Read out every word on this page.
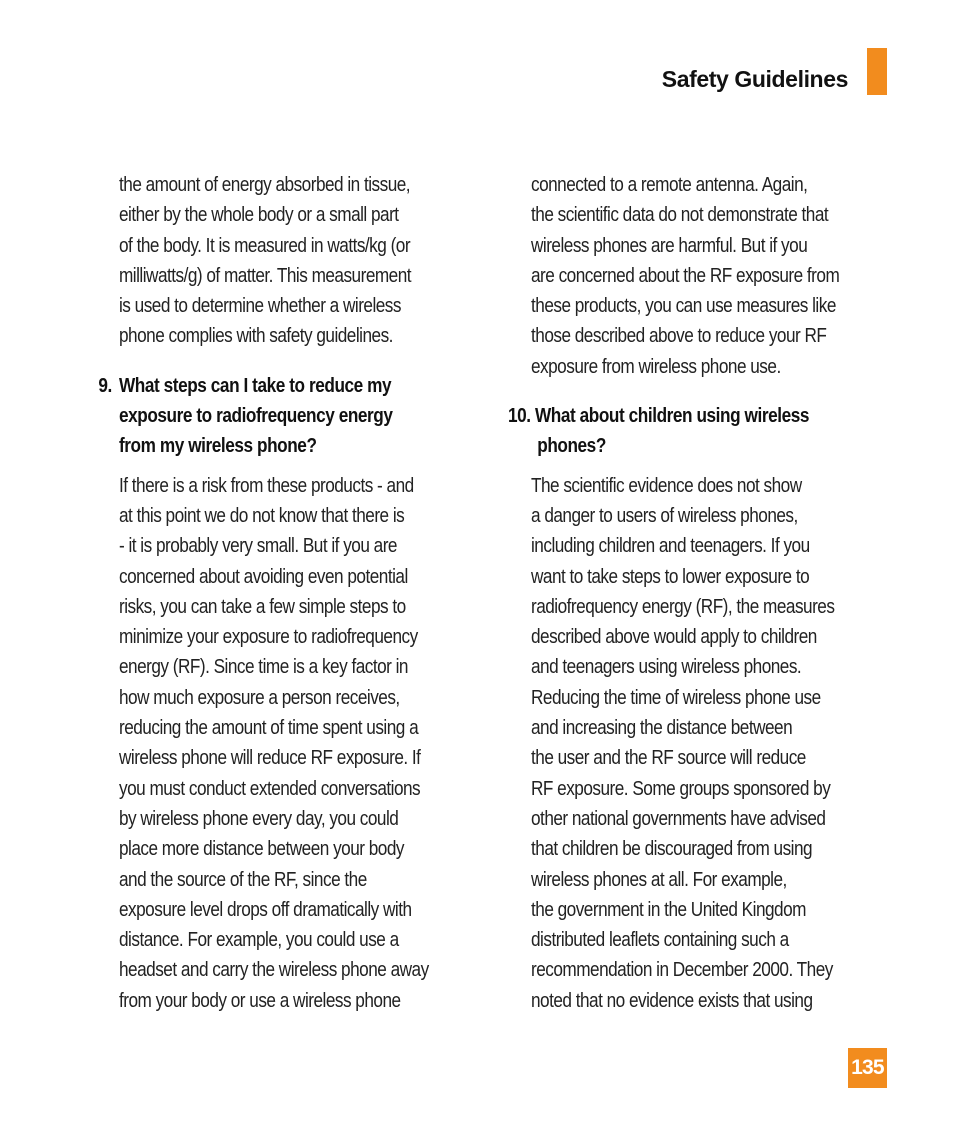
Safety Guidelines
the amount of energy absorbed in tissue,
either by the whole body or a small part
of the body. It is measured in watts/kg (or
milliwatts/g) of matter. This measurement
is used to determine whether a wireless
phone complies with safety guidelines.
9. What steps can I take to reduce my
exposure to radiofrequency energy
from my wireless phone?
If there is a risk from these products - and
at this point we do not know that there is
- it is probably very small. But if you are
concerned about avoiding even potential
risks, you can take a few simple steps to
minimize your exposure to radiofrequency
energy (RF). Since time is a key factor in
how much exposure a person receives,
reducing the amount of time spent using a
wireless phone will reduce RF exposure. If
you must conduct extended conversations
by wireless phone every day, you could
place more distance between your body
and the source of the RF, since the
exposure level drops off dramatically with
distance. For example, you could use a
headset and carry the wireless phone away
from your body or use a wireless phone
connected to a remote antenna. Again,
the scientific data do not demonstrate that
wireless phones are harmful. But if you
are concerned about the RF exposure from
these products, you can use measures like
those described above to reduce your RF
exposure from wireless phone use.
10. What about children using wireless
phones?
The scientific evidence does not show
a danger to users of wireless phones,
including children and teenagers. If you
want to take steps to lower exposure to
radiofrequency energy (RF), the measures
described above would apply to children
and teenagers using wireless phones.
Reducing the time of wireless phone use
and increasing the distance between
the user and the RF source will reduce
RF exposure. Some groups sponsored by
other national governments have advised
that children be discouraged from using
wireless phones at all. For example,
the government in the United Kingdom
distributed leaflets containing such a
recommendation in December 2000. They
noted that no evidence exists that using
135
